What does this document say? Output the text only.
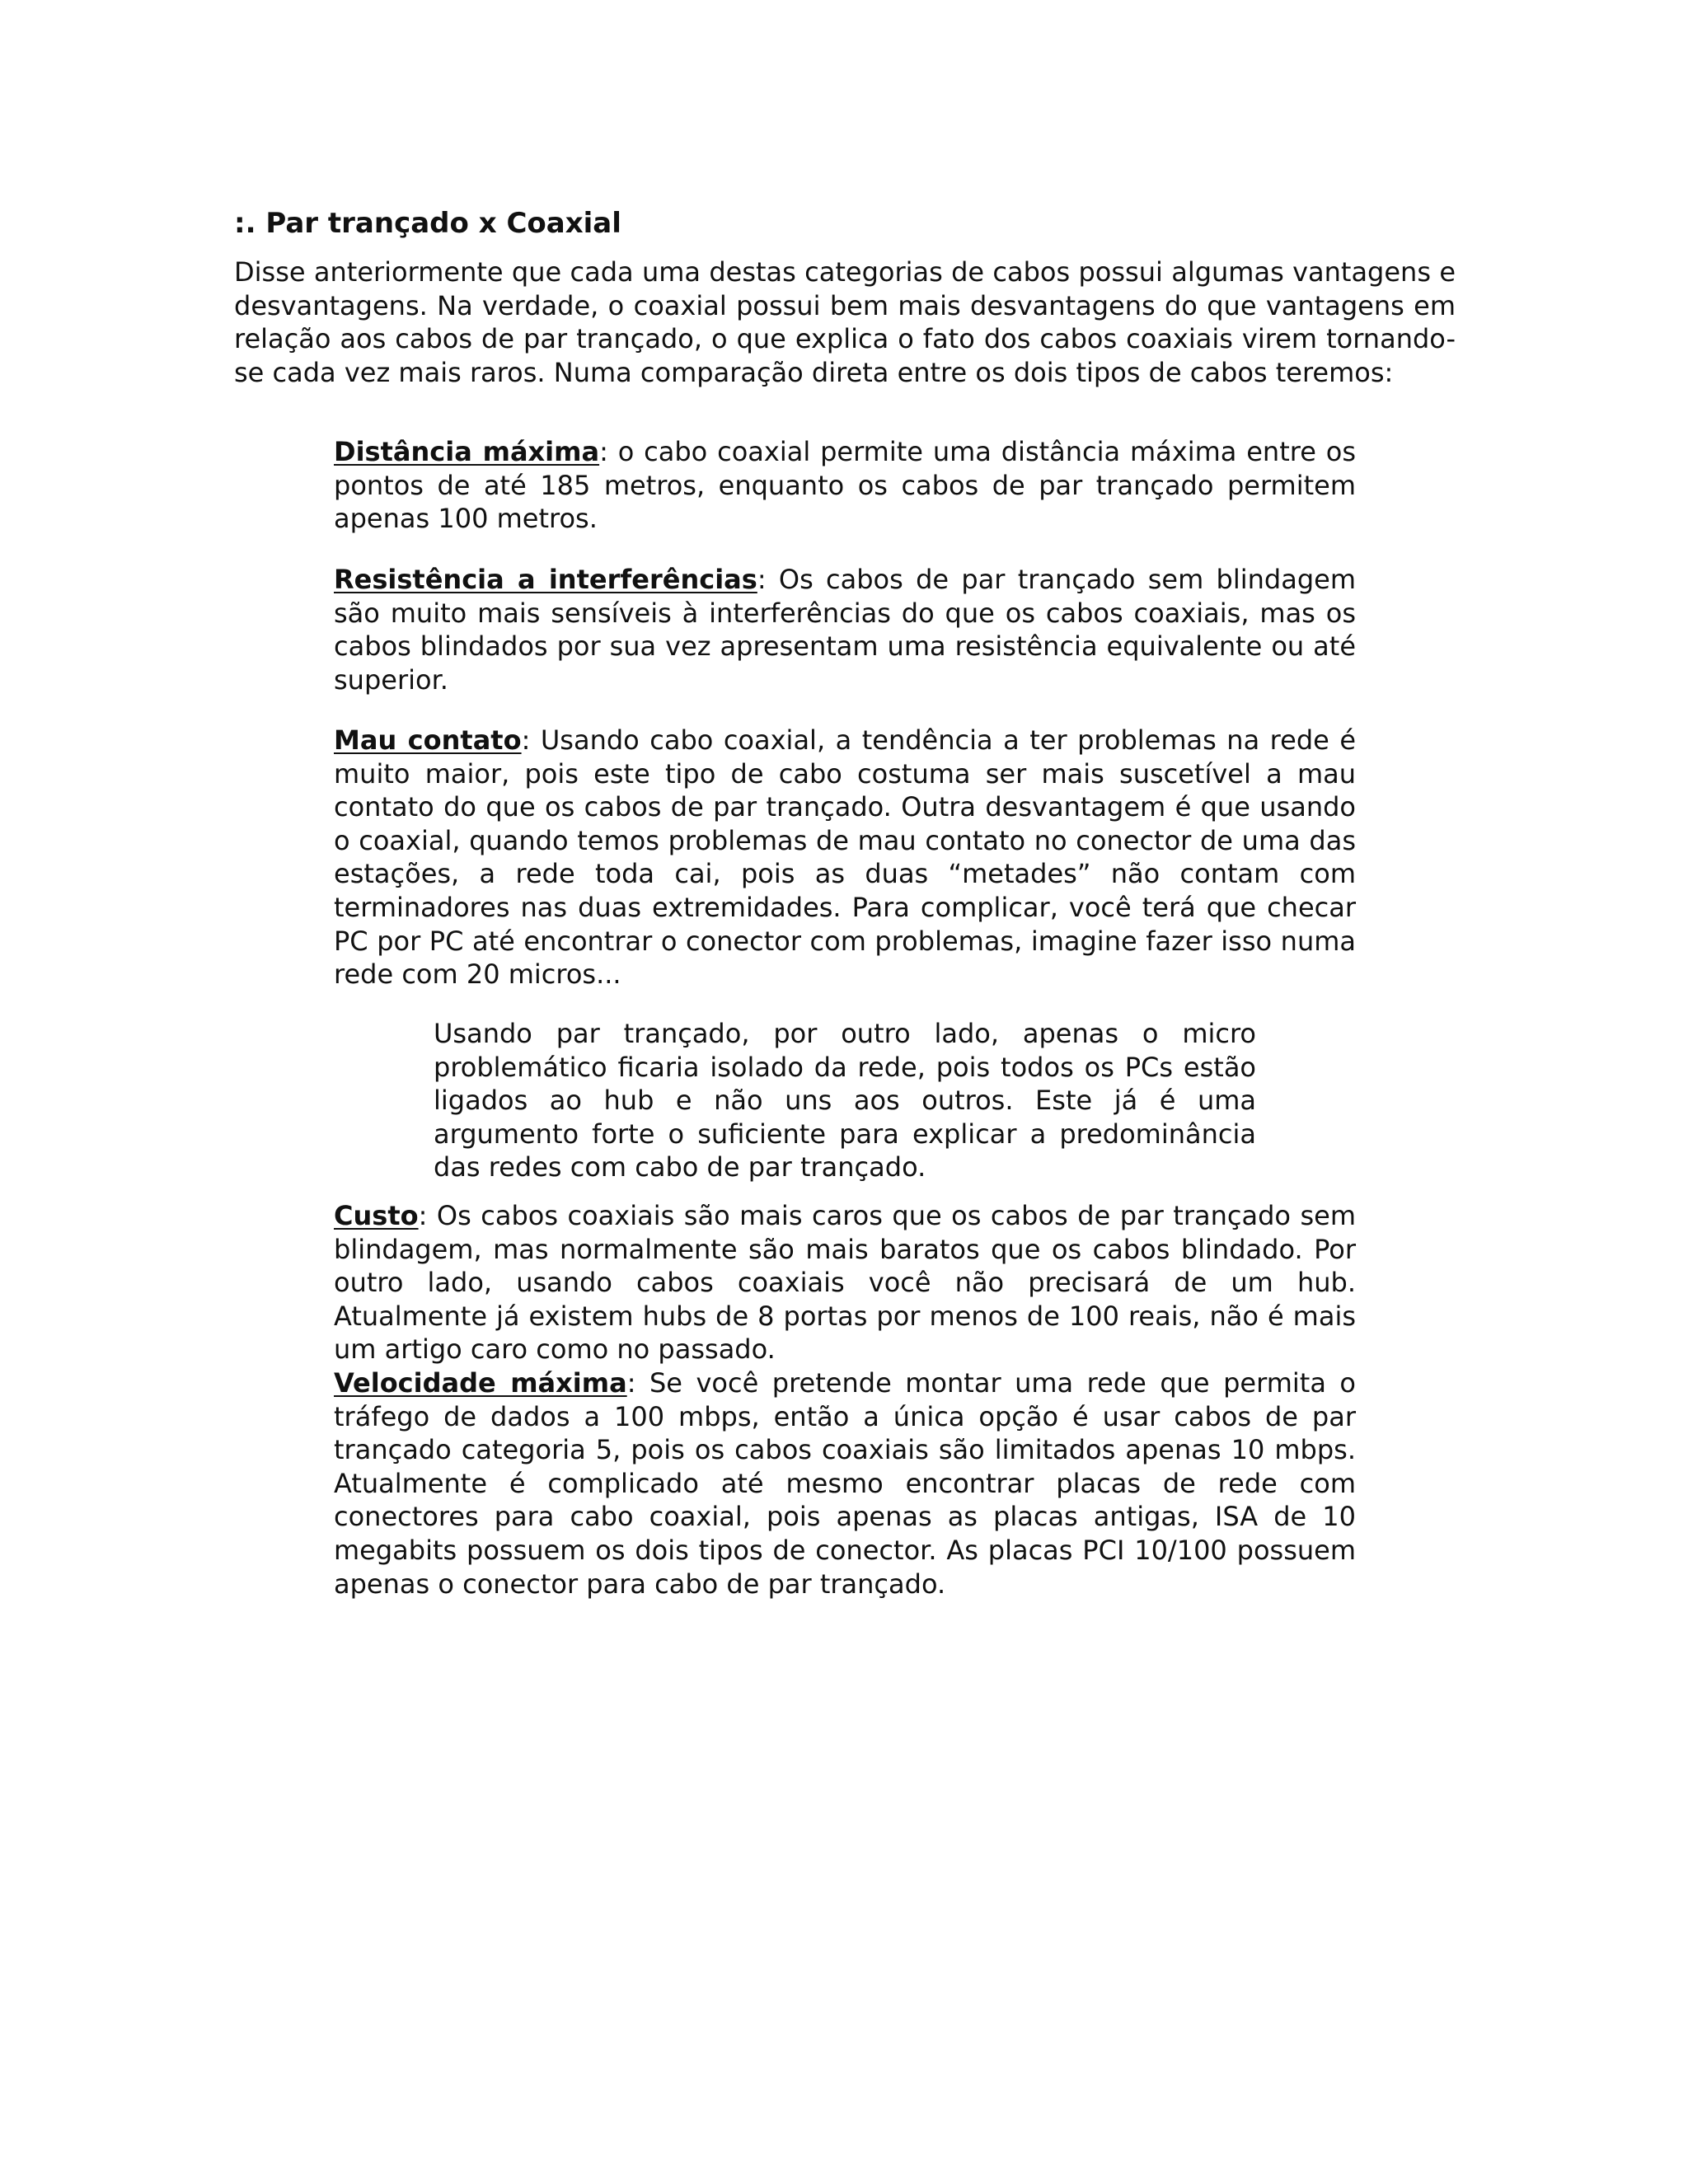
:. Par trançado x Coaxial

Disse anteriormente que cada uma destas categorias de cabos possui algumas vantagens e desvantagens. Na verdade, o coaxial possui bem mais desvantagens do que vantagens em relação aos cabos de par trançado, o que explica o fato dos cabos coaxiais virem tornando-se cada vez mais raros. Numa comparação direta entre os dois tipos de cabos teremos:

Distância máxima: o cabo coaxial permite uma distância máxima entre os pontos de até 185 metros, enquanto os cabos de par trançado permitem apenas 100 metros.

Resistência a interferências: Os cabos de par trançado sem blindagem são muito mais sensíveis à interferências do que os cabos coaxiais, mas os cabos blindados por sua vez apresentam uma resistência equivalente ou até superior.

Mau contato: Usando cabo coaxial, a tendência a ter problemas na rede é muito maior, pois este tipo de cabo costuma ser mais suscetível a mau contato do que os cabos de par trançado. Outra desvantagem é que usando o coaxial, quando temos problemas de mau contato no conector de uma das estações, a rede toda cai, pois as duas “metades” não contam com terminadores nas duas extremidades. Para complicar, você terá que checar PC por PC até encontrar o conector com problemas, imagine fazer isso numa rede com 20 micros...

Usando par trançado, por outro lado, apenas o micro problemático ficaria isolado da rede, pois todos os PCs estão ligados ao hub e não uns aos outros. Este já é uma argumento forte o suficiente para explicar a predominância das redes com cabo de par trançado.

Custo: Os cabos coaxiais são mais caros que os cabos de par trançado sem blindagem, mas normalmente são mais baratos que os cabos blindado. Por outro lado, usando cabos coaxiais você não precisará de um hub. Atualmente já existem hubs de 8 portas por menos de 100 reais, não é mais um artigo caro como no passado.

Velocidade máxima: Se você pretende montar uma rede que permita o tráfego de dados a 100 mbps, então a única opção é usar cabos de par trançado categoria 5, pois os cabos coaxiais são limitados apenas 10 mbps. Atualmente é complicado até mesmo encontrar placas de rede com conectores para cabo coaxial, pois apenas as placas antigas, ISA de 10 megabits possuem os dois tipos de conector. As placas PCI 10/100 possuem apenas o conector para cabo de par trançado.
